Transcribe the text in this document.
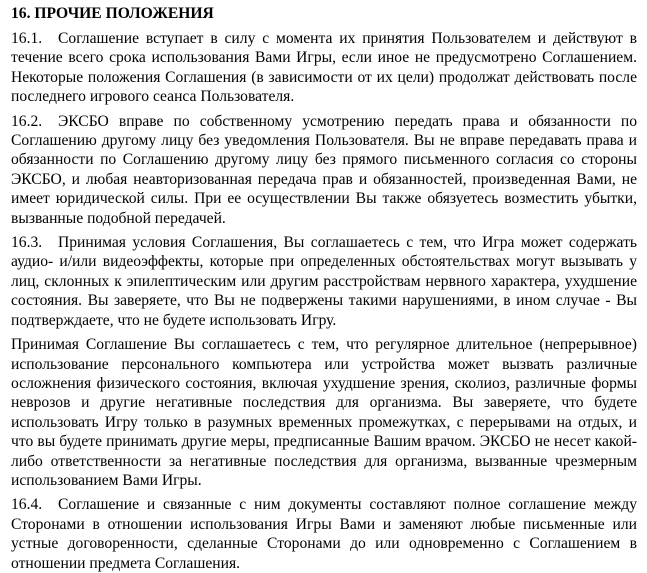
16. ПРОЧИЕ ПОЛОЖЕНИЯ

16.1. Соглашение вступает в силу с момента их принятия Пользователем и действуют в течение всего срока использования Вами Игры, если иное не предусмотрено Соглашением. Некоторые положения Соглашения (в зависимости от их цели) продолжат действовать после последнего игрового сеанса Пользователя.

16.2. ЭКСБО вправе по собственному усмотрению передать права и обязанности по Соглашению другому лицу без уведомления Пользователя. Вы не вправе передавать права и обязанности по Соглашению другому лицу без прямого письменного согласия со стороны ЭКСБО, и любая неавторизованная передача прав и обязанностей, произведенная Вами, не имеет юридической силы. При ее осуществлении Вы также обязуетесь возместить убытки, вызванные подобной передачей.

16.3. Принимая условия Соглашения, Вы соглашаетесь с тем, что Игра может содержать аудио- и/или видеоэффекты, которые при определенных обстоятельствах могут вызывать у лиц, склонных к эпилептическим или другим расстройствам нервного характера, ухудшение состояния. Вы заверяете, что Вы не подвержены такими нарушениями, в ином случае - Вы подтверждаете, что не будете использовать Игру.

Принимая Соглашение Вы соглашаетесь с тем, что регулярное длительное (непрерывное) использование персонального компьютера или устройства может вызвать различные осложнения физического состояния, включая ухудшение зрения, сколиоз, различные формы неврозов и другие негативные последствия для организма. Вы заверяете, что будете использовать Игру только в разумных временных промежутках, с перерывами на отдых, и что вы будете принимать другие меры, предписанные Вашим врачом. ЭКСБО не несет какой-либо ответственности за негативные последствия для организма, вызванные чрезмерным использованием Вами Игры.

16.4. Соглашение и связанные с ним документы составляют полное соглашение между Сторонами в отношении использования Игры Вами и заменяют любые письменные или устные договоренности, сделанные Сторонами до или одновременно с Соглашением в отношении предмета Соглашения.
